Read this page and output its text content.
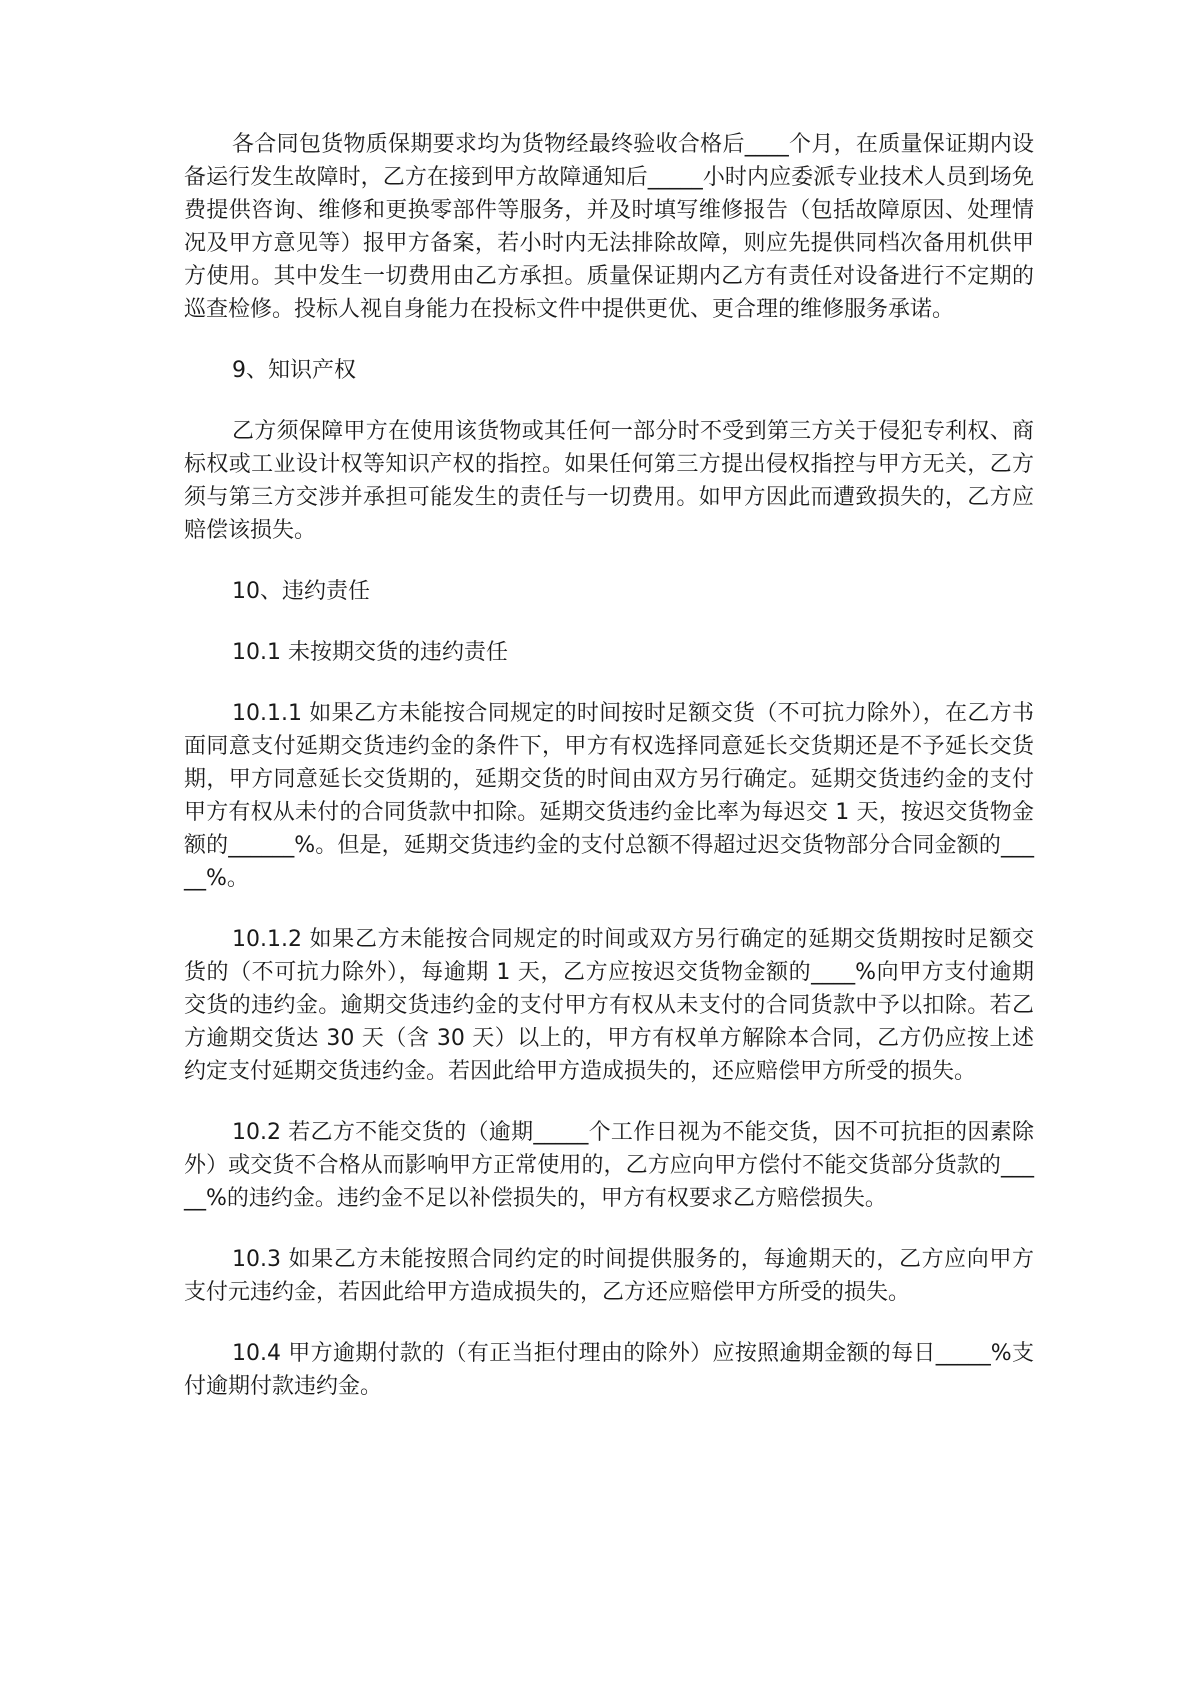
各合同包货物质保期要求均为货物经最终验收合格后____个月，在质量保证期内设备运行发生故障时，乙方在接到甲方故障通知后_____小时内应委派专业技术人员到场免费提供咨询、维修和更换零部件等服务，并及时填写维修报告（包括故障原因、处理情况及甲方意见等）报甲方备案，若小时内无法排除故障，则应先提供同档次备用机供甲方使用。其中发生一切费用由乙方承担。质量保证期内乙方有责任对设备进行不定期的巡查检修。投标人视自身能力在投标文件中提供更优、更合理的维修服务承诺。

9、知识产权

乙方须保障甲方在使用该货物或其任何一部分时不受到第三方关于侵犯专利权、商标权或工业设计权等知识产权的指控。如果任何第三方提出侵权指控与甲方无关，乙方须与第三方交涉并承担可能发生的责任与一切费用。如甲方因此而遭致损失的，乙方应赔偿该损失。

10、违约责任

10.1 未按期交货的违约责任

10.1.1 如果乙方未能按合同规定的时间按时足额交货（不可抗力除外），在乙方书面同意支付延期交货违约金的条件下，甲方有权选择同意延长交货期还是不予延长交货期，甲方同意延长交货期的，延期交货的时间由双方另行确定。延期交货违约金的支付甲方有权从未付的合同货款中扣除。延期交货违约金比率为每迟交 1 天，按迟交货物金额的______%。但是，延期交货违约金的支付总额不得超过迟交货物部分合同金额的_____%。

10.1.2 如果乙方未能按合同规定的时间或双方另行确定的延期交货期按时足额交货的（不可抗力除外），每逾期 1 天，乙方应按迟交货物金额的____%向甲方支付逾期交货的违约金。逾期交货违约金的支付甲方有权从未支付的合同货款中予以扣除。若乙方逾期交货达 30 天（含 30 天）以上的，甲方有权单方解除本合同，乙方仍应按上述约定支付延期交货违约金。若因此给甲方造成损失的，还应赔偿甲方所受的损失。

10.2 若乙方不能交货的（逾期_____个工作日视为不能交货，因不可抗拒的因素除外）或交货不合格从而影响甲方正常使用的，乙方应向甲方偿付不能交货部分货款的_____%的违约金。违约金不足以补偿损失的，甲方有权要求乙方赔偿损失。

10.3 如果乙方未能按照合同约定的时间提供服务的，每逾期天的，乙方应向甲方支付元违约金，若因此给甲方造成损失的，乙方还应赔偿甲方所受的损失。

10.4 甲方逾期付款的（有正当拒付理由的除外）应按照逾期金额的每日_____%支付逾期付款违约金。
